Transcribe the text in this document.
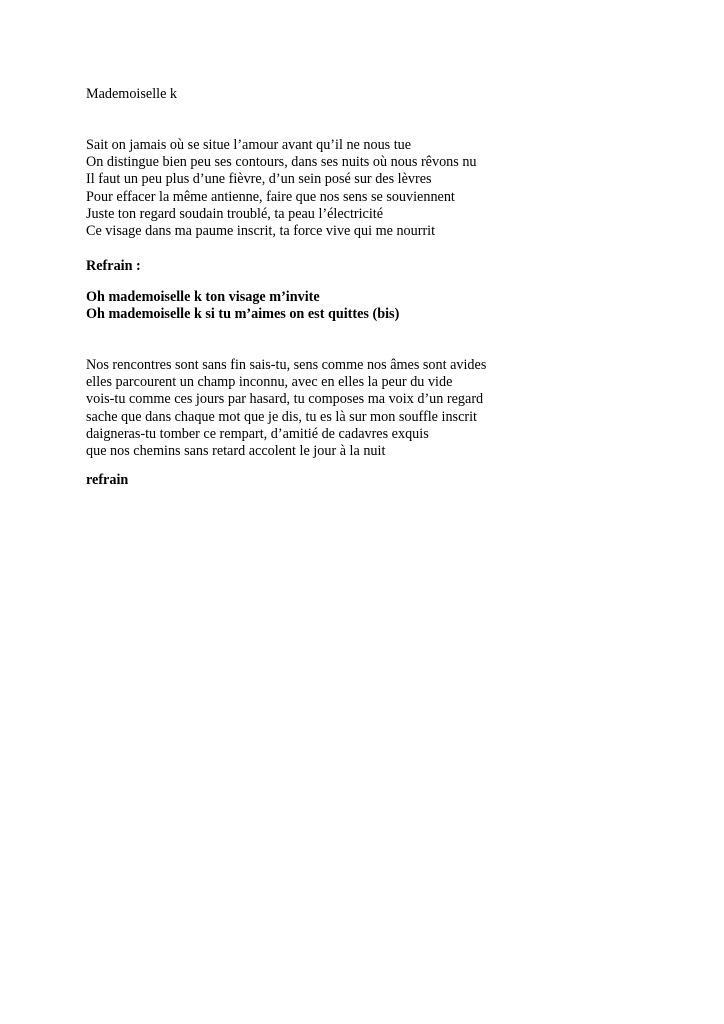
Mademoiselle k
Sait on jamais où se situe l’amour avant qu’il ne nous tue
On distingue bien peu ses contours, dans ses nuits où nous rêvons nu
Il faut un peu plus d’une fièvre, d’un sein posé sur des lèvres
Pour effacer la même antienne, faire que nos sens se souviennent
Juste ton regard soudain troublé, ta peau l’électricité
Ce visage dans ma paume inscrit, ta force vive qui me nourrit
Refrain :
Oh mademoiselle k ton visage m’invite
Oh mademoiselle k si tu m’aimes on est quittes (bis)
Nos rencontres sont sans fin sais-tu, sens comme nos âmes sont avides
elles parcourent un champ inconnu, avec en elles la peur du vide
vois-tu comme ces jours par hasard, tu composes ma voix d’un regard
sache que dans chaque mot que je dis, tu es là sur mon souffle inscrit
daigneras-tu tomber ce rempart, d’amitié de cadavres exquis
que nos chemins sans retard accolent le jour à la nuit
refrain
